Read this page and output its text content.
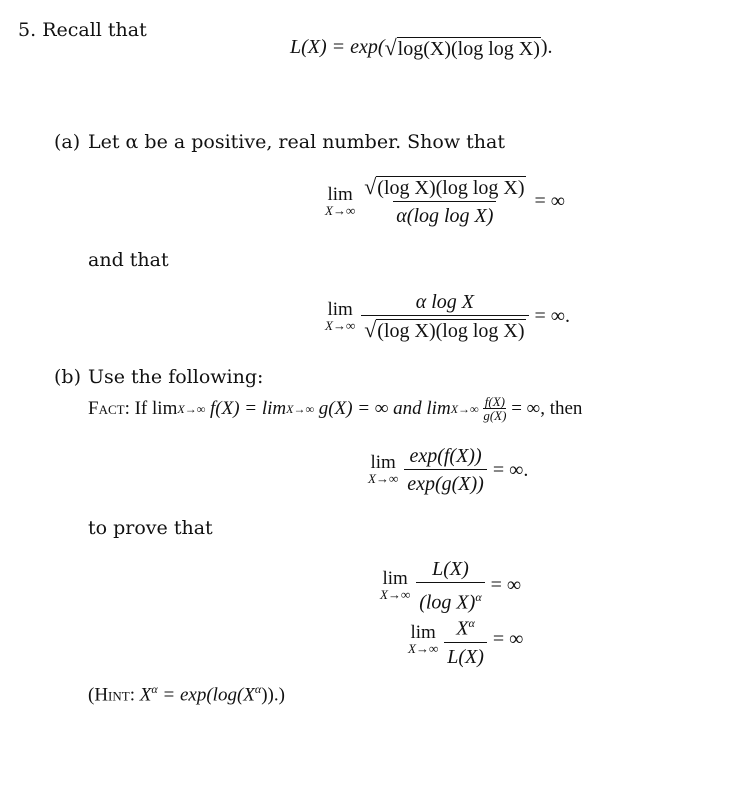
5. Recall that
L(X) = exp( √ log(X)(log log X) ).
(a) Let α be a positive, real number. Show that
lim
$X\to\infty \frac{\text{√ (log X)(log log X)}}{\text{α(log log X)}}$ = ∞
and that
lim
$X\to\infty \frac{\text{α log X}}{\text{√ (log X)(log log X)}}$ = ∞.
(b) Use the following:
Fact:
If lim X→∞
f(X) = lim X→∞
g(X) = ∞ and lim X→∞
$\frac{f(X)}{g(X)}$
= ∞, then
lim
$X\to\infty \frac{\exp(f(X))}{\exp(g(X))}$ = ∞.
to prove that
lim
$X\to\infty \frac{L(X)}{(\log X)^\alpha}$ = ∞
lim
$X\to\infty \frac{X^\alpha}{L(X)}$ = ∞
(Hint: $X^\alpha = \exp(\log(X^\alpha))$.)
